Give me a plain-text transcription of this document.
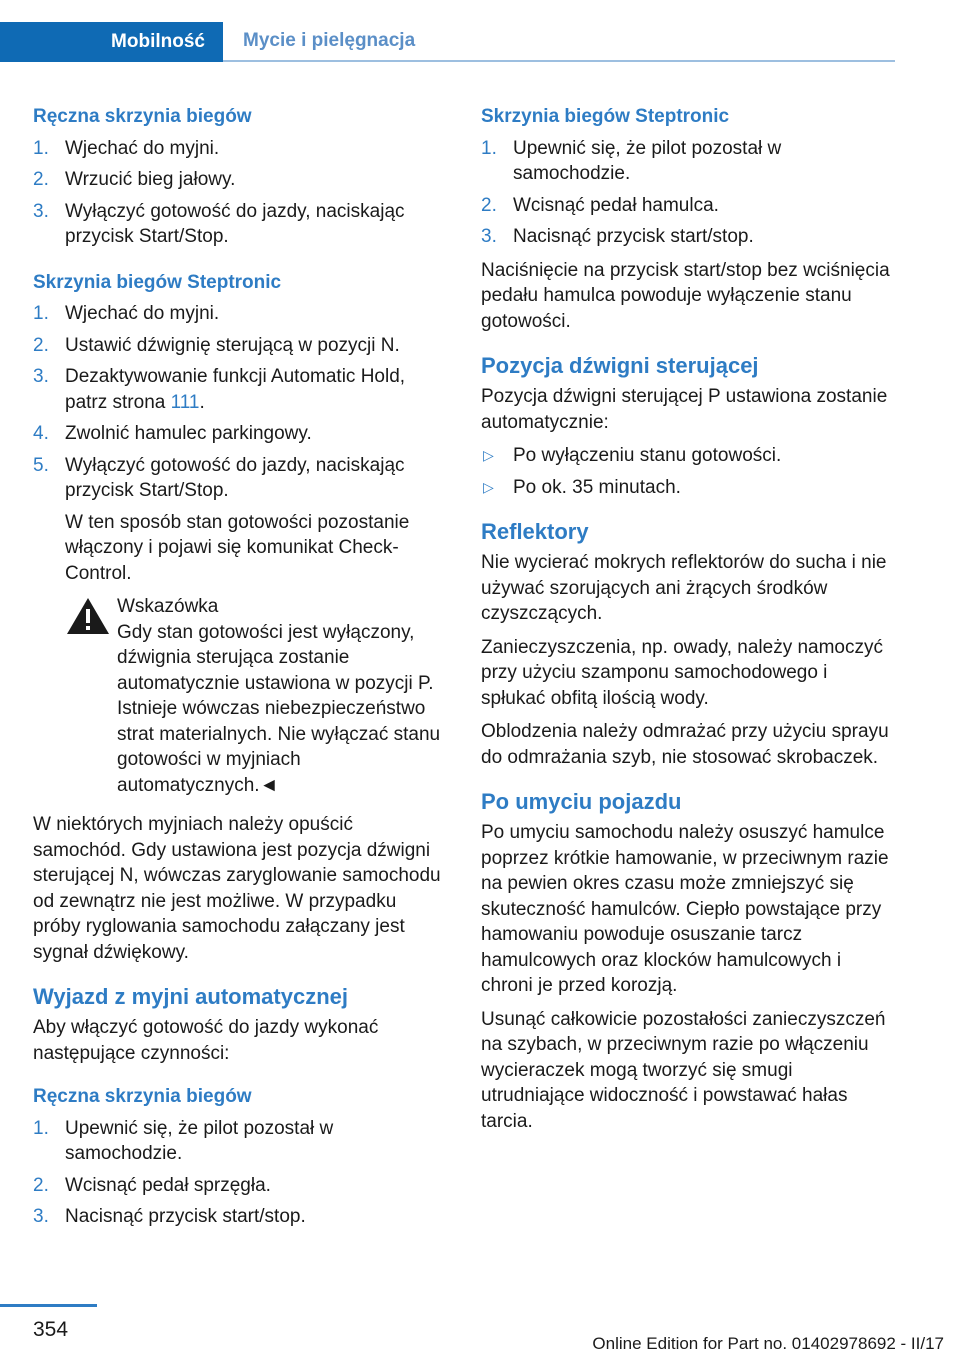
Mobilność	Mycie i pielęgnacja
Ręczna skrzynia biegów
1. Wjechać do myjni.
2. Wrzucić bieg jałowy.
3. Wyłączyć gotowość do jazdy, naciskając przycisk Start/Stop.
Skrzynia biegów Steptronic
1. Wjechać do myjni.
2. Ustawić dźwignię sterującą w pozycji N.
3. Dezaktywowanie funkcji Automatic Hold, patrz strona 111.
4. Zwolnić hamulec parkingowy.
5. Wyłączyć gotowość do jazdy, naciskając przycisk Start/Stop.
W ten sposób stan gotowości pozostanie włączony i pojawi się komunikat Check-Control.
Wskazówka
Gdy stan gotowości jest wyłączony, dźwignia sterująca zostanie automatycznie ustawiona w pozycji P. Istnieje wówczas niebezpieczeństwo strat materialnych. Nie wyłączać stanu gotowości w myjniach automatycznych.◄

W niektórych myjniach należy opuścić samochód. Gdy ustawiona jest pozycja dźwigni sterującej N, wówczas zaryglowanie samochodu od zewnątrz nie jest możliwe. W przypadku próby ryglowania samochodu załączany jest sygnał dźwiękowy.

Wyjazd z myjni automatycznej

Aby włączyć gotowość do jazdy wykonać następujące czynności:

Ręczna skrzynia biegów
1. Upewnić się, że pilot pozostał w samochodzie.
2. Wcisnąć pedał sprzęgła.
3. Nacisnąć przycisk start/stop.
Skrzynia biegów Steptronic
1. Upewnić się, że pilot pozostał w samochodzie.
2. Wcisnąć pedał hamulca.
3. Nacisnąć przycisk start/stop.

Naciśnięcie na przycisk start/stop bez wciśnięcia pedału hamulca powoduje wyłączenie stanu gotowości.

Pozycja dźwigni sterującej

Pozycja dźwigni sterującej P ustawiona zostanie automatycznie:

▷ Po wyłączeniu stanu gotowości.
▷ Po ok. 35 minutach.
Reflektory

Nie wycierać mokrych reflektorów do sucha i nie używać szorujących ani żrących środków czyszczących.

Zanieczyszczenia, np. owady, należy namoczyć przy użyciu szamponu samochodowego i spłukać obfitą ilością wody.

Oblodzenia należy odmrażać przy użyciu sprayu do odmrażania szyb, nie stosować skrobaczek.

Po umyciu pojazdu

Po umyciu samochodu należy osuszyć hamulce poprzez krótkie hamowanie, w przeciwnym razie na pewien okres czasu może zmniejszyć się skuteczność hamulców. Ciepło powstające przy hamowaniu powoduje osuszanie tarcz hamulcowych oraz klocków hamulcowych i chroni je przed korozją.

Usunąć całkowicie pozostałości zanieczyszczeń na szybach, w przeciwnym razie po włączeniu wycieraczek mogą tworzyć się smugi utrudniające widoczność i powstawać hałas tarcia.

354
Online Edition for Part no. 01402978692 - II/17
